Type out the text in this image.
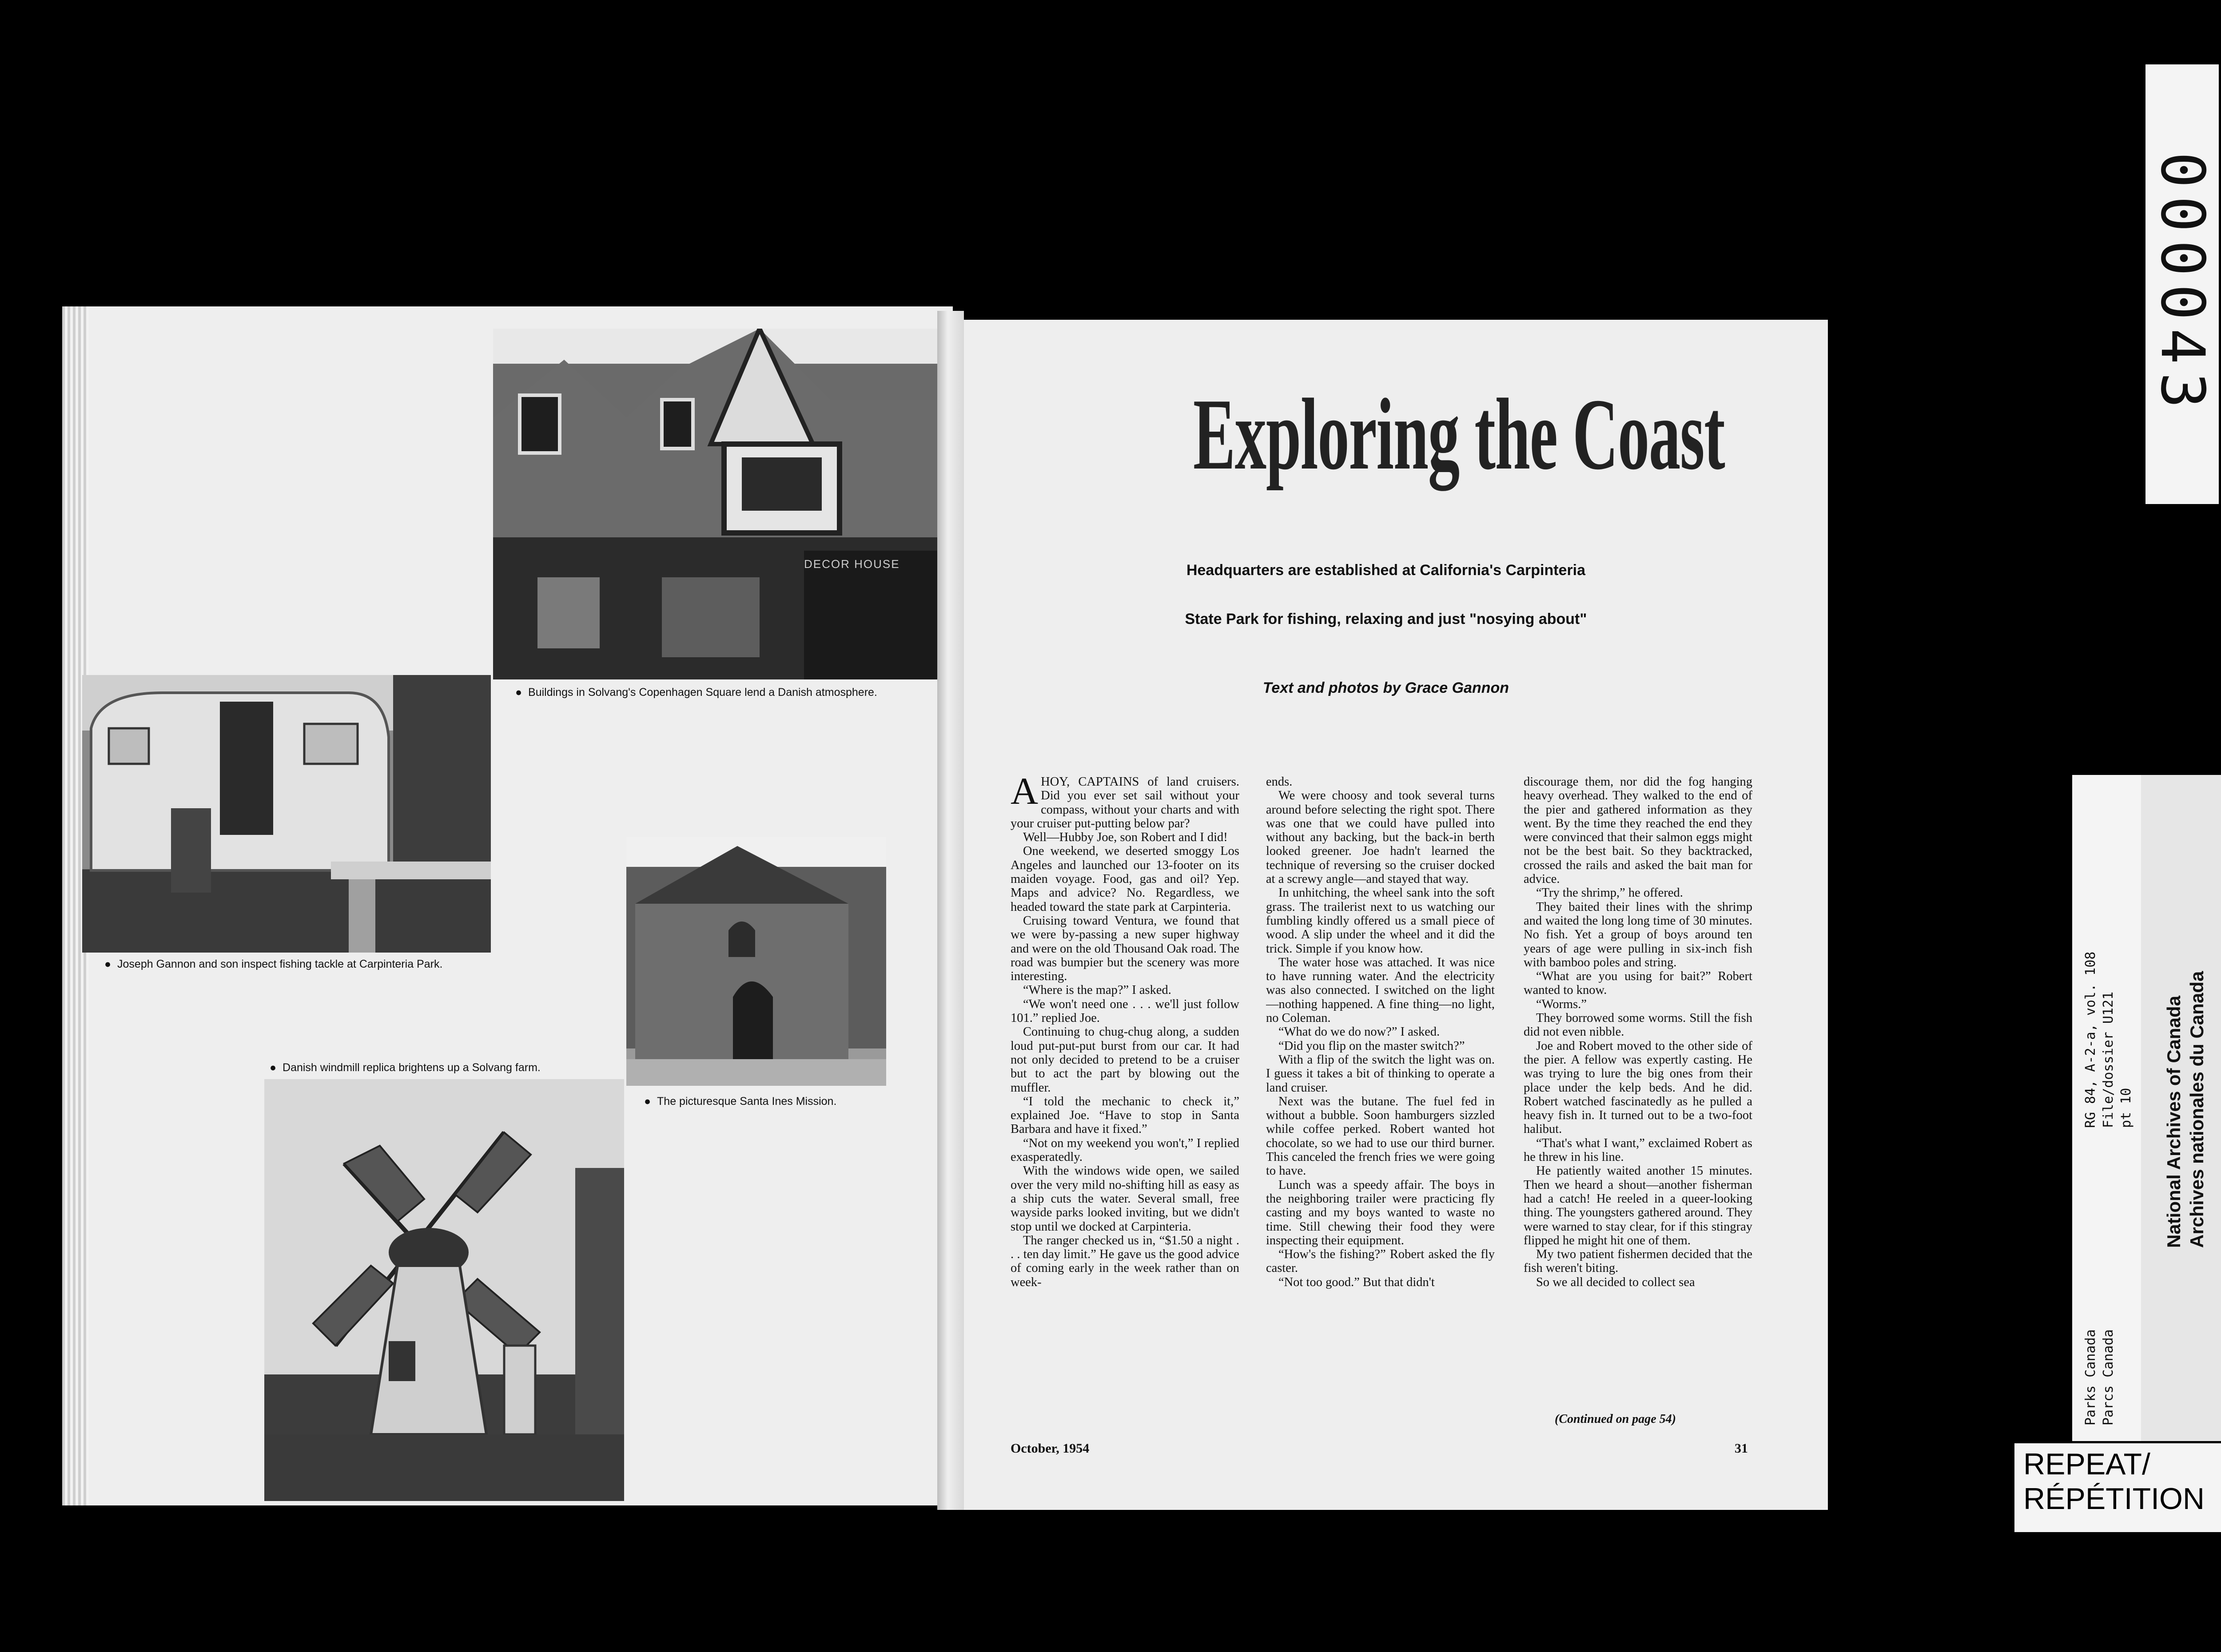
DECOR HOUSE
● Buildings in Solvang's Copenhagen Square lend a Danish atmosphere.
● Joseph Gannon and son inspect fishing tackle at Carpinteria Park.
● The picturesque Santa Ines Mission.
● Danish windmill replica brightens up a Solvang farm.
Exploring the Coast
Headquarters are established at California's Carpinteria
State Park for fishing, relaxing and just "nosying about"
Text and photos by Grace Gannon

AHOY, CAPTAINS of land cruisers. Did you ever set sail without your compass, without your charts and with your cruiser put-putting below par?

Well—Hubby Joe, son Robert and I did!

One weekend, we deserted smoggy Los Angeles and launched our 13-footer on its maiden voyage. Food, gas and oil? Yep. Maps and advice? No. Regardless, we headed toward the state park at Carpinteria.

Cruising toward Ventura, we found that we were by-passing a new super highway and were on the old Thousand Oak road. The road was bumpier but the scenery was more interesting.

“Where is the map?” I asked.

“We won't need one . . . we'll just follow 101.” replied Joe.

Continuing to chug-chug along, a sudden loud put-put-put burst from our car. It had not only decided to pretend to be a cruiser but to act the part by blowing out the muffler.

“I told the mechanic to check it,” explained Joe. “Have to stop in Santa Barbara and have it fixed.”

“Not on my weekend you won't,” I replied exasperatedly.

With the windows wide open, we sailed over the very mild no-shifting hill as easy as a ship cuts the water. Several small, free wayside parks looked inviting, but we didn't stop until we docked at Carpinteria.

The ranger checked us in, “$1.50 a night . . . ten day limit.” He gave us the good advice of coming early in the week rather than on week-

ends.

We were choosy and took several turns around before selecting the right spot. There was one that we could have pulled into without any backing, but the back-in berth looked greener. Joe hadn't learned the technique of reversing so the cruiser docked at a screwy angle—and stayed that way.

In unhitching, the wheel sank into the soft grass. The trailerist next to us watching our fumbling kindly offered us a small piece of wood. A slip under the wheel and it did the trick. Simple if you know how.

The water hose was attached. It was nice to have running water. And the electricity was also connected. I switched on the light—nothing happened. A fine thing—no light, no Coleman.

“What do we do now?” I asked.

“Did you flip on the master switch?”

With a flip of the switch the light was on. I guess it takes a bit of thinking to operate a land cruiser.

Next was the butane. The fuel fed in without a bubble. Soon hamburgers sizzled while coffee perked. Robert wanted hot chocolate, so we had to use our third burner. This canceled the french fries we were going to have.

Lunch was a speedy affair. The boys in the neighboring trailer were practicing fly casting and my boys wanted to waste no time. Still chewing their food they were inspecting their equipment.

“How's the fishing?” Robert asked the fly caster.

“Not too good.” But that didn't

discourage them, nor did the fog hanging heavy overhead. They walked to the end of the pier and gathered information as they went. By the time they reached the end they were convinced that their salmon eggs might not be the best bait. So they backtracked, crossed the rails and asked the bait man for advice.

“Try the shrimp,” he offered.

They baited their lines with the shrimp and waited the long long time of 30 minutes. No fish. Yet a group of boys around ten years of age were pulling in six-inch fish with bamboo poles and string.

“What are you using for bait?” Robert wanted to know.

“Worms.”

They borrowed some worms. Still the fish did not even nibble.

Joe and Robert moved to the other side of the pier. A fellow was expertly casting. He was trying to lure the big ones from their place under the kelp beds. And he did. Robert watched fascinatedly as he pulled a heavy fish in. It turned out to be a two-foot halibut.

“That's what I want,” exclaimed Robert as he threw in his line.

He patiently waited another 15 minutes. Then we heard a shout—another fisherman had a catch! He reeled in a queer-looking thing. The youngsters gathered around. They were warned to stay clear, for if this stingray flipped he might hit one of them.

My two patient fishermen decided that the fish weren't biting.

So we all decided to collect sea

(Continued on page 54)
October, 1954	31
000043
Parks Canada Parcs Canada
RG 84, A-2-a, vol. 108 File/dossier U121 pt 10 National Archives of Canada Archives nationales du Canada
REPEAT/
RÉPÉTITION
